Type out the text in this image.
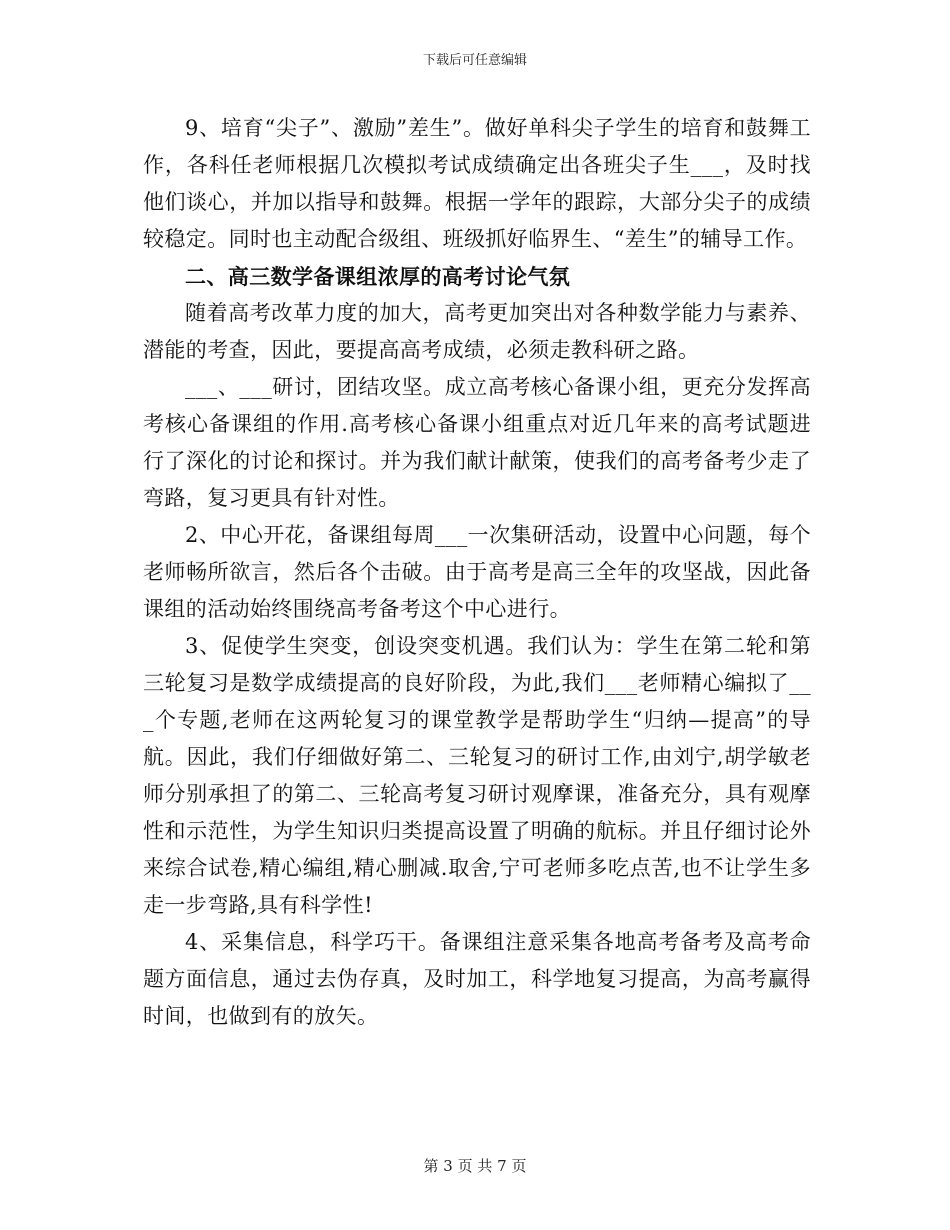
下载后可任意编辑

9、培育“尖子”、激励”差生”。做好单科尖子学生的培育和鼓舞工作，各科任老师根据几次模拟考试成绩确定出各班尖子生___，及时找他们谈心，并加以指导和鼓舞。根据一学年的跟踪，大部分尖子的成绩较稳定。同时也主动配合级组、班级抓好临界生、“差生”的辅导工作。

二、高三数学备课组浓厚的高考讨论气氛

随着高考改革力度的加大，高考更加突出对各种数学能力与素养、潜能的考查，因此，要提高高考成绩，必须走教科研之路。

___、___研讨，团结攻坚。成立高考核心备课小组，更充分发挥高考核心备课组的作用.高考核心备课小组重点对近几年来的高考试题进行了深化的讨论和探讨。并为我们献计献策，使我们的高考备考少走了弯路，复习更具有针对性。

2、中心开花，备课组每周___一次集研活动，设置中心问题，每个老师畅所欲言，然后各个击破。由于高考是高三全年的攻坚战，因此备课组的活动始终围绕高考备考这个中心进行。

3、促使学生突变，创设突变机遇。我们认为：学生在第二轮和第三轮复习是数学成绩提高的良好阶段，为此,我们___老师精心编拟了___个专题,老师在这两轮复习的课堂教学是帮助学生“归纳—提高”的导航。因此，我们仔细做好第二、三轮复习的研讨工作,由刘宁,胡学敏老师分别承担了的第二、三轮高考复习研讨观摩课，准备充分，具有观摩性和示范性，为学生知识归类提高设置了明确的航标。并且仔细讨论外来综合试卷,精心编组,精心删减.取舍,宁可老师多吃点苦,也不让学生多走一步弯路,具有科学性!

4、采集信息，科学巧干。备课组注意采集各地高考备考及高考命题方面信息，通过去伪存真，及时加工，科学地复习提高，为高考赢得时间，也做到有的放矢。

第 3 页 共 7 页
